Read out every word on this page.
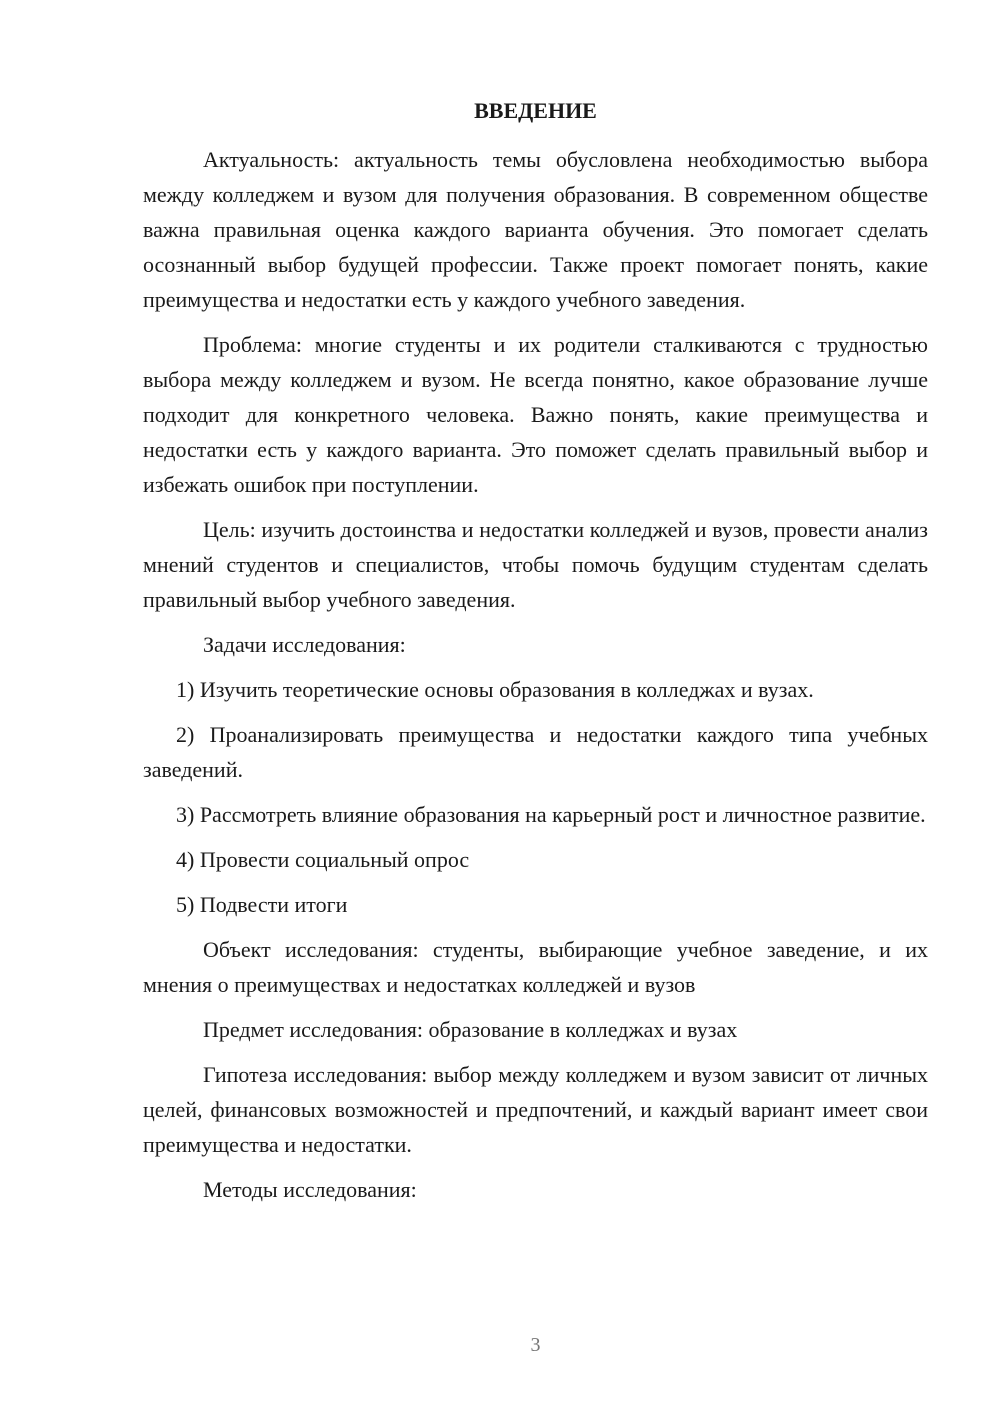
ВВЕДЕНИЕ

Актуальность: актуальность темы обусловлена необходимостью выбора между колледжем и вузом для получения образования. В современном обществе важна правильная оценка каждого варианта обучения. Это помогает сделать осознанный выбор будущей профессии. Также проект помогает понять, какие преимущества и недостатки есть у каждого учебного заведения.

Проблема: многие студенты и их родители сталкиваются с трудностью выбора между колледжем и вузом. Не всегда понятно, какое образование лучше подходит для конкретного человека. Важно понять, какие преимущества и недостатки есть у каждого варианта. Это поможет сделать правильный выбор и избежать ошибок при поступлении.

Цель: изучить достоинства и недостатки колледжей и вузов, провести анализ мнений студентов и специалистов, чтобы помочь будущим студентам сделать правильный выбор учебного заведения.

Задачи исследования:

1) Изучить теоретические основы образования в колледжах и вузах.

2) Проанализировать преимущества и недостатки каждого типа учебных заведений.

3) Рассмотреть влияние образования на карьерный рост и личностное развитие.

4) Провести социальный опрос

5) Подвести итоги

Объект исследования: студенты, выбирающие учебное заведение, и их мнения о преимуществах и недостатках колледжей и вузов

Предмет исследования: образование в колледжах и вузах

Гипотеза исследования: выбор между колледжем и вузом зависит от личных целей, финансовых возможностей и предпочтений, и каждый вариант имеет свои преимущества и недостатки.

Методы исследования:

3
